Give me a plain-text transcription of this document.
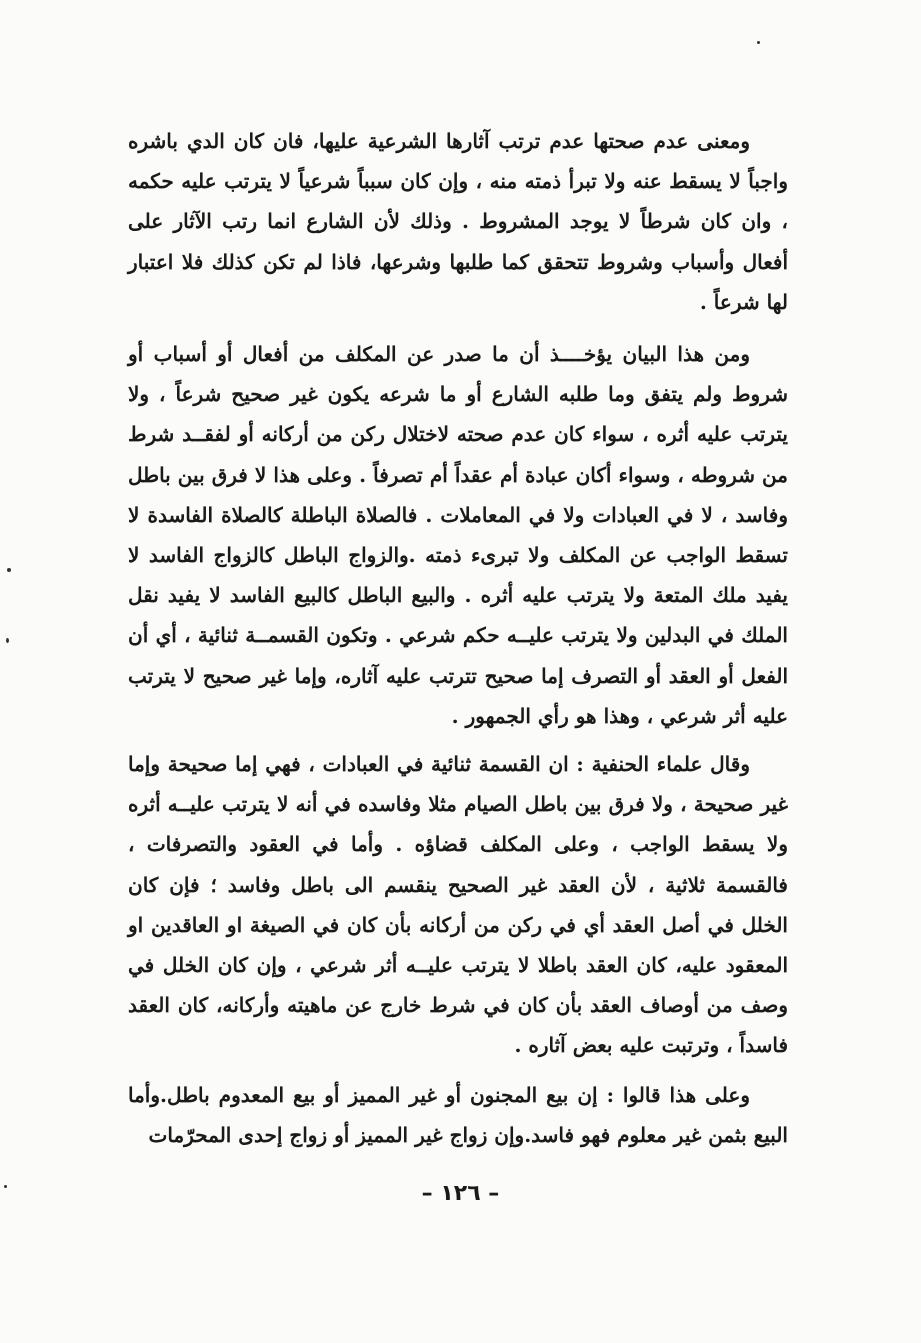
ومعنى عدم صحتها عدم ترتب آثارها الشرعية عليها، فان كان الدي باشره واجباً لا يسقط عنه ولا تبرأ ذمته منه ، وإن كان سبباً شرعياً لا يترتب عليه حكمه ، وان كان شرطاً لا يوجد المشروط . وذلك لأن الشارع انما رتب الآثار على أفعال وأسباب وشروط تتحقق كما طلبها وشرعها، فاذا لم تكن كذلك فلا اعتبار لها شرعاً .

ومن هذا البيان يؤخــــذ أن ما صدر عن المكلف من أفعال أو أسباب أو شروط ولم يتفق وما طلبه الشارع أو ما شرعه يكون غير صحيح شرعاً ، ولا يترتب عليه أثره ، سواء كان عدم صحته لاختلال ركن من أركانه أو لفقــد شرط من شروطه ، وسواء أكان عبادة أم عقداً أم تصرفاً . وعلى هذا لا فرق بين باطل وفاسد ، لا في العبادات ولا في المعاملات . فالصلاة الباطلة كالصلاة الفاسدة لا تسقط الواجب عن المكلف ولا تبرىء ذمته .والزواج الباطل كالزواج الفاسد لا يفيد ملك المتعة ولا يترتب عليه أثره . والبيع الباطل كالبيع الفاسد لا يفيد نقل الملك في البدلين ولا يترتب عليــه حكم شرعي . وتكون القسمــة ثنائية ، أي أن الفعل أو العقد أو التصرف إما صحيح تترتب عليه آثاره، وإما غير صحيح لا يترتب عليه أثر شرعي ، وهذا هو رأي الجمهور .

وقال علماء الحنفية : ان القسمة ثنائية في العبادات ، فهي إما صحيحة وإما غير صحيحة ، ولا فرق بين باطل الصيام مثلا وفاسده في أنه لا يترتب عليــه أثره ولا يسقط الواجب ، وعلى المكلف قضاؤه . وأما في العقود والتصرفات ، فالقسمة ثلاثية ، لأن العقد غير الصحيح ينقسم الى باطل وفاسد ؛ فإن كان الخلل في أصل العقد أي في ركن من أركانه بأن كان في الصيغة او العاقدين او المعقود عليه، كان العقد باطلا لا يترتب عليــه أثر شرعي ، وإن كان الخلل في وصف من أوصاف العقد بأن كان في شرط خارج عن ماهيته وأركانه، كان العقد فاسداً ، وترتبت عليه بعض آثاره .

وعلى هذا قالوا : إن بيع المجنون أو غير المميز أو بيع المعدوم باطل.وأما البيع بثمن غير معلوم فهو فاسد.وإن زواج غير المميز أو زواج إحدى المحرّمات

– ١٢٦ –
